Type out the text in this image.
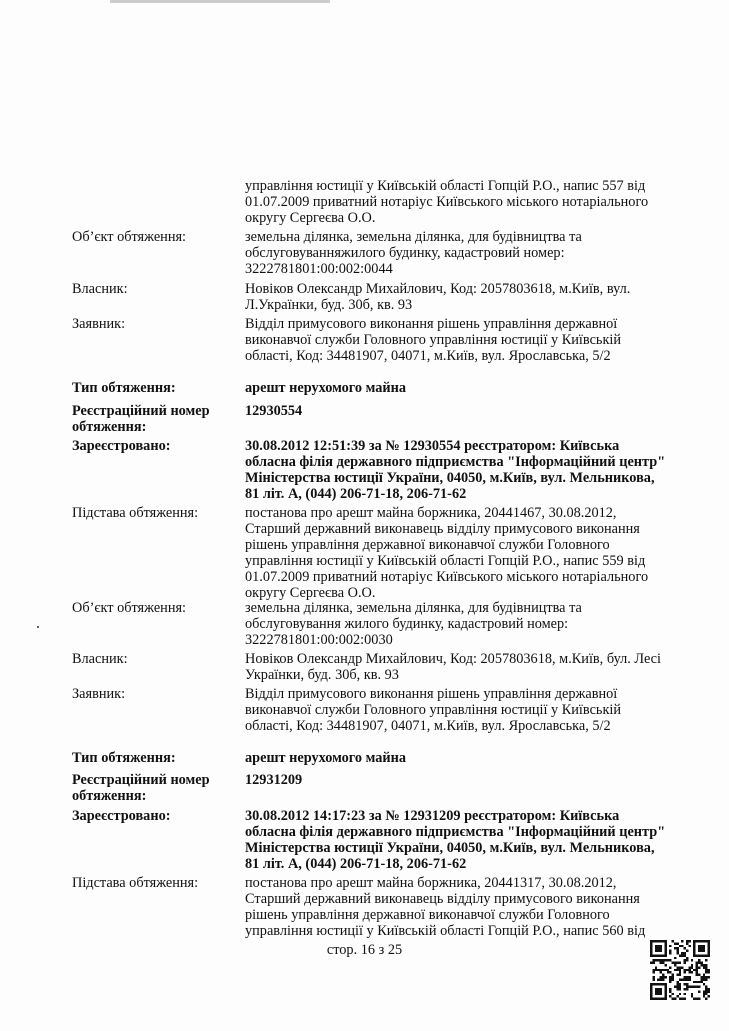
управління юстиції у Київській області Гопцій Р.О., напис 557 від
01.07.2009 приватний нотаріус Київського міського нотаріального
округу Сергеєва О.О.
Об’єкт обтяження:	земельна ділянка, земельна ділянка, для будівництва та
обслуговуванняжилого будинку, кадастровий номер:
3222781801:00:002:0044
Власник:	Новіков Олександр Михайлович, Код: 2057803618, м.Київ, вул.
Л.Українки, буд. 30б, кв. 93
Заявник:	Відділ примусового виконання рішень управління державної
виконавчої служби Головного управління юстиції у Київській
області, Код: 34481907, 04071, м.Київ, вул. Ярославська, 5/2
Тип обтяження:	арешт нерухомого майна
Реєстраційний номер обтяження:
12930554
Зареєстровано:	30.08.2012 12:51:39 за № 12930554 реєстратором: Київська
обласна філія державного підприємства "Інформаційний центр"
Міністерства юстиції України, 04050, м.Київ, вул. Мельникова,
81 літ. А, (044) 206-71-18, 206-71-62
Підстава обтяження:	постанова про арешт майна боржника, 20441467, 30.08.2012,
Старший державний виконавець відділу примусового виконання
рішень управління державної виконавчої служби Головного
управління юстиції у Київській області Гопцій Р.О., напис 559 від
01.07.2009 приватний нотаріус Київського міського нотаріального
округу Сергеєва О.О.
Об’єкт обтяження:	земельна ділянка, земельна ділянка, для будівництва та
обслуговування жилого будинку, кадастровий номер:
3222781801:00:002:0030
Власник:	Новіков Олександр Михайлович, Код: 2057803618, м.Київ, бул. Лесі
Українки, буд. 30б, кв. 93
Заявник:	Відділ примусового виконання рішень управління державної
виконавчої служби Головного управління юстиції у Київській
області, Код: 34481907, 04071, м.Київ, вул. Ярославська, 5/2
Тип обтяження:	арешт нерухомого майна
Реєстраційний номер обтяження:
12931209
Зареєстровано:	30.08.2012 14:17:23 за № 12931209 реєстратором: Київська
обласна філія державного підприємства "Інформаційний центр"
Міністерства юстиції України, 04050, м.Київ, вул. Мельникова,
81 літ. А, (044) 206-71-18, 206-71-62
Підстава обтяження:	постанова про арешт майна боржника, 20441317, 30.08.2012,
Старший державний виконавець відділу примусового виконання
рішень управління державної виконавчої служби Головного
управління юстиції у Київській області Гопцій Р.О., напис 560 від
стор. 16 з 25
